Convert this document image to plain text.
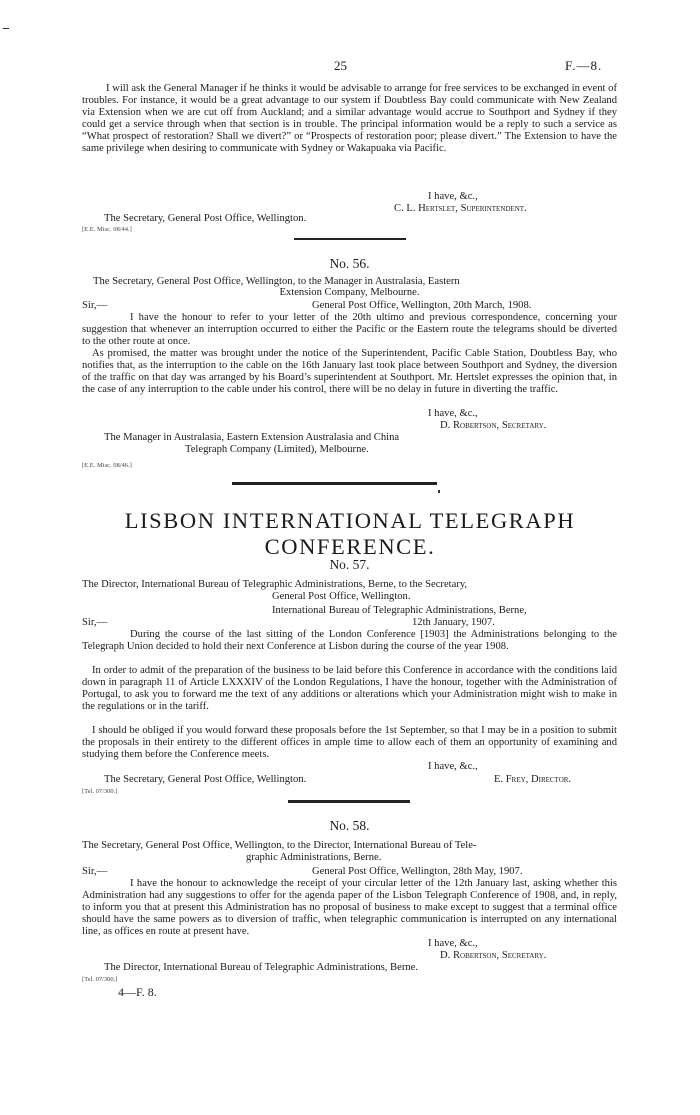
25	F.—8.

I will ask the General Manager if he thinks it would be advisable to arrange for free services to be exchanged in event of troubles. For instance, it would be a great advantage to our system if Doubtless Bay could communicate with New Zealand via Extension when we are cut off from Auckland; and a similar advantage would accrue to Southport and Sydney if they could get a service through when that section is in trouble. The principal information would be a reply to such a service as “What prospect of restoration? Shall we divert?” or “Prospects of restoration poor; please divert.” The Extension to have the same privilege when desiring to communicate with Sydney or Wakapuaka via Pacific.

I have, &c.,
C. L. Hertslet, Superintendent.
The Secretary, General Post Office, Wellington.
[E.E. Misc. 08/44.]
No. 56.
The Secretary, General Post Office, Wellington, to the Manager in Australasia, Eastern
Extension Company, Melbourne.
Sir,—	General Post Office, Wellington, 20th March, 1908.

I have the honour to refer to your letter of the 20th ultimo and previous correspondence, concerning your suggestion that whenever an interruption occurred to either the Pacific or the Eastern route the telegrams should be diverted to the other route at once.

As promised, the matter was brought under the notice of the Superintendent, Pacific Cable Station, Doubtless Bay, who notifies that, as the interruption to the cable on the 16th January last took place between Southport and Sydney, the diversion of the traffic on that day was arranged by his Board’s superintendent at Southport. Mr. Hertslet expresses the opinion that, in the case of any interruption to the cable under his control, there will be no delay in future in diverting the traffic.

I have, &c.,
D. Robertson, Secretary.
The Manager in Australasia, Eastern Extension Australasia and China
Telegraph Company (Limited), Melbourne.
[E.E. Misc. 08/46.]
LISBON INTERNATIONAL TELEGRAPH CONFERENCE.
No. 57.
The Director, International Bureau of Telegraphic Administrations, Berne, to the Secretary,
General Post Office, Wellington.
International Bureau of Telegraphic Administrations, Berne,
Sir,—	12th January, 1907.

During the course of the last sitting of the London Conference [1903] the Administrations belonging to the Telegraph Union decided to hold their next Conference at Lisbon during the course of the year 1908.

In order to admit of the preparation of the business to be laid before this Conference in accordance with the conditions laid down in paragraph 11 of Article LXXXIV of the London Regulations, I have the honour, together with the Administration of Portugal, to ask you to forward me the text of any additions or alterations which your Administration might wish to make in the regulations or in the tariff.

I should be obliged if you would forward these proposals before the 1st September, so that I may be in a position to submit the proposals in their entirety to the different offices in ample time to allow each of them an opportunity of examining and studying them before the Conference meets.

I have, &c.,
The Secretary, General Post Office, Wellington.	E. Frey, Director.
[Tel. 07/300.]
No. 58.
The Secretary, General Post Office, Wellington, to the Director, International Bureau of Tele-
graphic Administrations, Berne.
Sir,—	General Post Office, Wellington, 28th May, 1907.

I have the honour to acknowledge the receipt of your circular letter of the 12th January last, asking whether this Administration had any suggestions to offer for the agenda paper of the Lisbon Telegraph Conference of 1908, and, in reply, to inform you that at present this Administration has no proposal of business to make except to suggest that a terminal office should have the same powers as to diversion of traffic, when telegraphic communication is interrupted on any international line, as offices en route at present have.

I have, &c.,
D. Robertson, Secretary.
The Director, International Bureau of Telegraphic Administrations, Berne.
[Tel. 07/300.]
4—F. 8.
